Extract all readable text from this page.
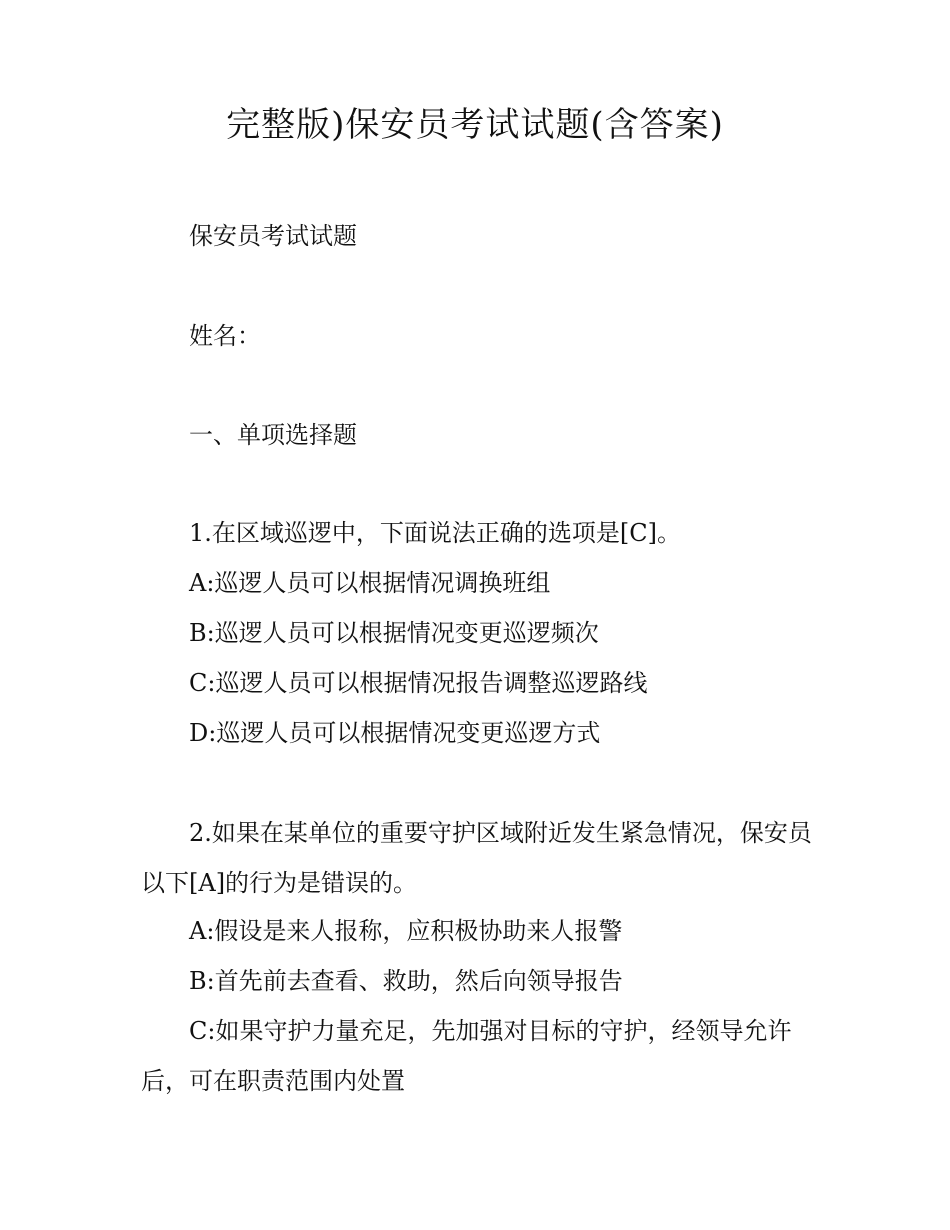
完整版)保安员考试试题(含答案)

保安员考试试题

姓名：

一、单项选择题

1.在区域巡逻中，下面说法正确的选项是[C]。

A:巡逻人员可以根据情况调换班组

B:巡逻人员可以根据情况变更巡逻频次

C:巡逻人员可以根据情况报告调整巡逻路线

D:巡逻人员可以根据情况变更巡逻方式

2.如果在某单位的重要守护区域附近发生紧急情况，保安员以下[A]的行为是错误的。

A:假设是来人报称，应积极协助来人报警

B:首先前去查看、救助，然后向领导报告

C:如果守护力量充足，先加强对目标的守护，经领导允许后，可在职责范围内处置
